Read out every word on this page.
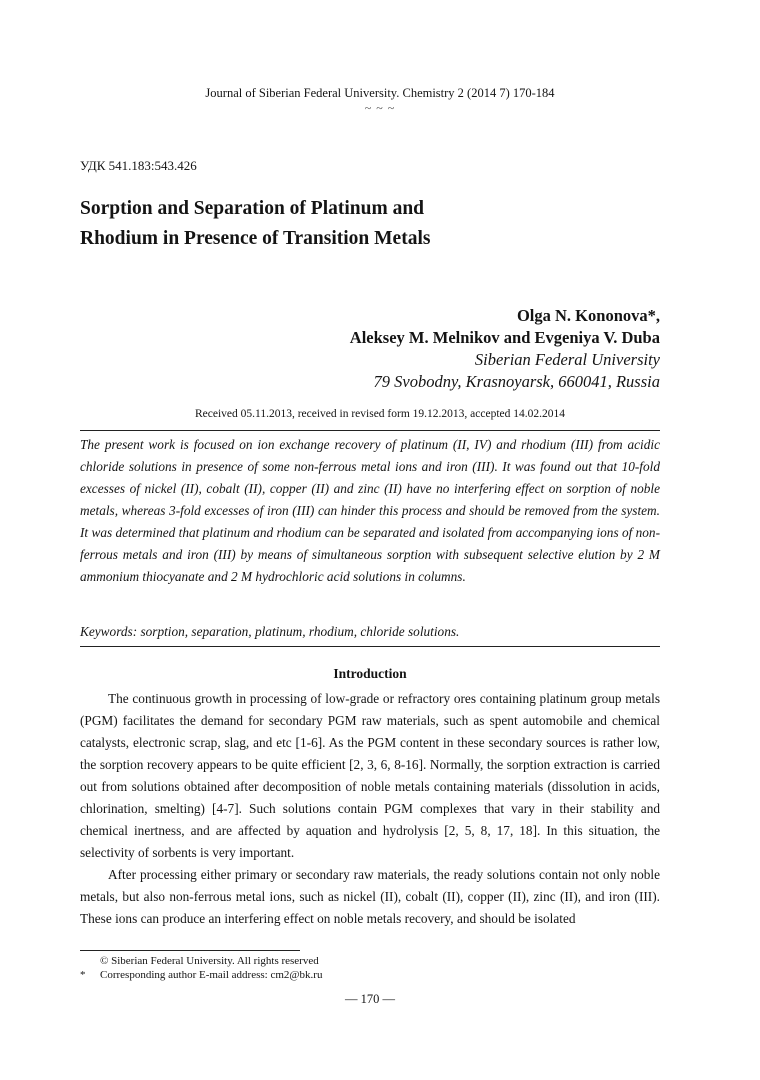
Journal of Siberian Federal University. Chemistry 2 (2014 7) 170-184
~ ~ ~
УДК 541.183:543.426
Sorption and Separation of Platinum and Rhodium in Presence of Transition Metals
Olga N. Kononova*,
Aleksey M. Melnikov and Evgeniya V. Duba
Siberian Federal University
79 Svobodny, Krasnoyarsk, 660041, Russia
Received 05.11.2013, received in revised form 19.12.2013, accepted 14.02.2014

The present work is focused on ion exchange recovery of platinum (II, IV) and rhodium (III) from acidic chloride solutions in presence of some non-ferrous metal ions and iron (III). It was found out that 10-fold excesses of nickel (II), cobalt (II), copper (II) and zinc (II) have no interfering effect on sorption of noble metals, whereas 3-fold excesses of iron (III) can hinder this process and should be removed from the system. It was determined that platinum and rhodium can be separated and isolated from accompanying ions of non-ferrous metals and iron (III) by means of simultaneous sorption with subsequent selective elution by 2 M ammonium thiocyanate and 2 M hydrochloric acid solutions in columns.

Keywords: sorption, separation, platinum, rhodium, chloride solutions.

Introduction

The continuous growth in processing of low-grade or refractory ores containing platinum group metals (PGM) facilitates the demand for secondary PGM raw materials, such as spent automobile and chemical catalysts, electronic scrap, slag, and etc [1-6]. As the PGM content in these secondary sources is rather low, the sorption recovery appears to be quite efficient [2, 3, 6, 8-16]. Normally, the sorption extraction is carried out from solutions obtained after decomposition of noble metals containing materials (dissolution in acids, chlorination, smelting) [4-7]. Such solutions contain PGM complexes that vary in their stability and chemical inertness, and are affected by aquation and hydrolysis [2, 5, 8, 17, 18]. In this situation, the selectivity of sorbents is very important.

After processing either primary or secondary raw materials, the ready solutions contain not only noble metals, but also non-ferrous metal ions, such as nickel (II), cobalt (II), copper (II), zinc (II), and iron (III). These ions can produce an interfering effect on noble metals recovery, and should be isolated

© Siberian Federal University. All rights reserved
* Corresponding author E-mail address: cm2@bk.ru
— 170 —
